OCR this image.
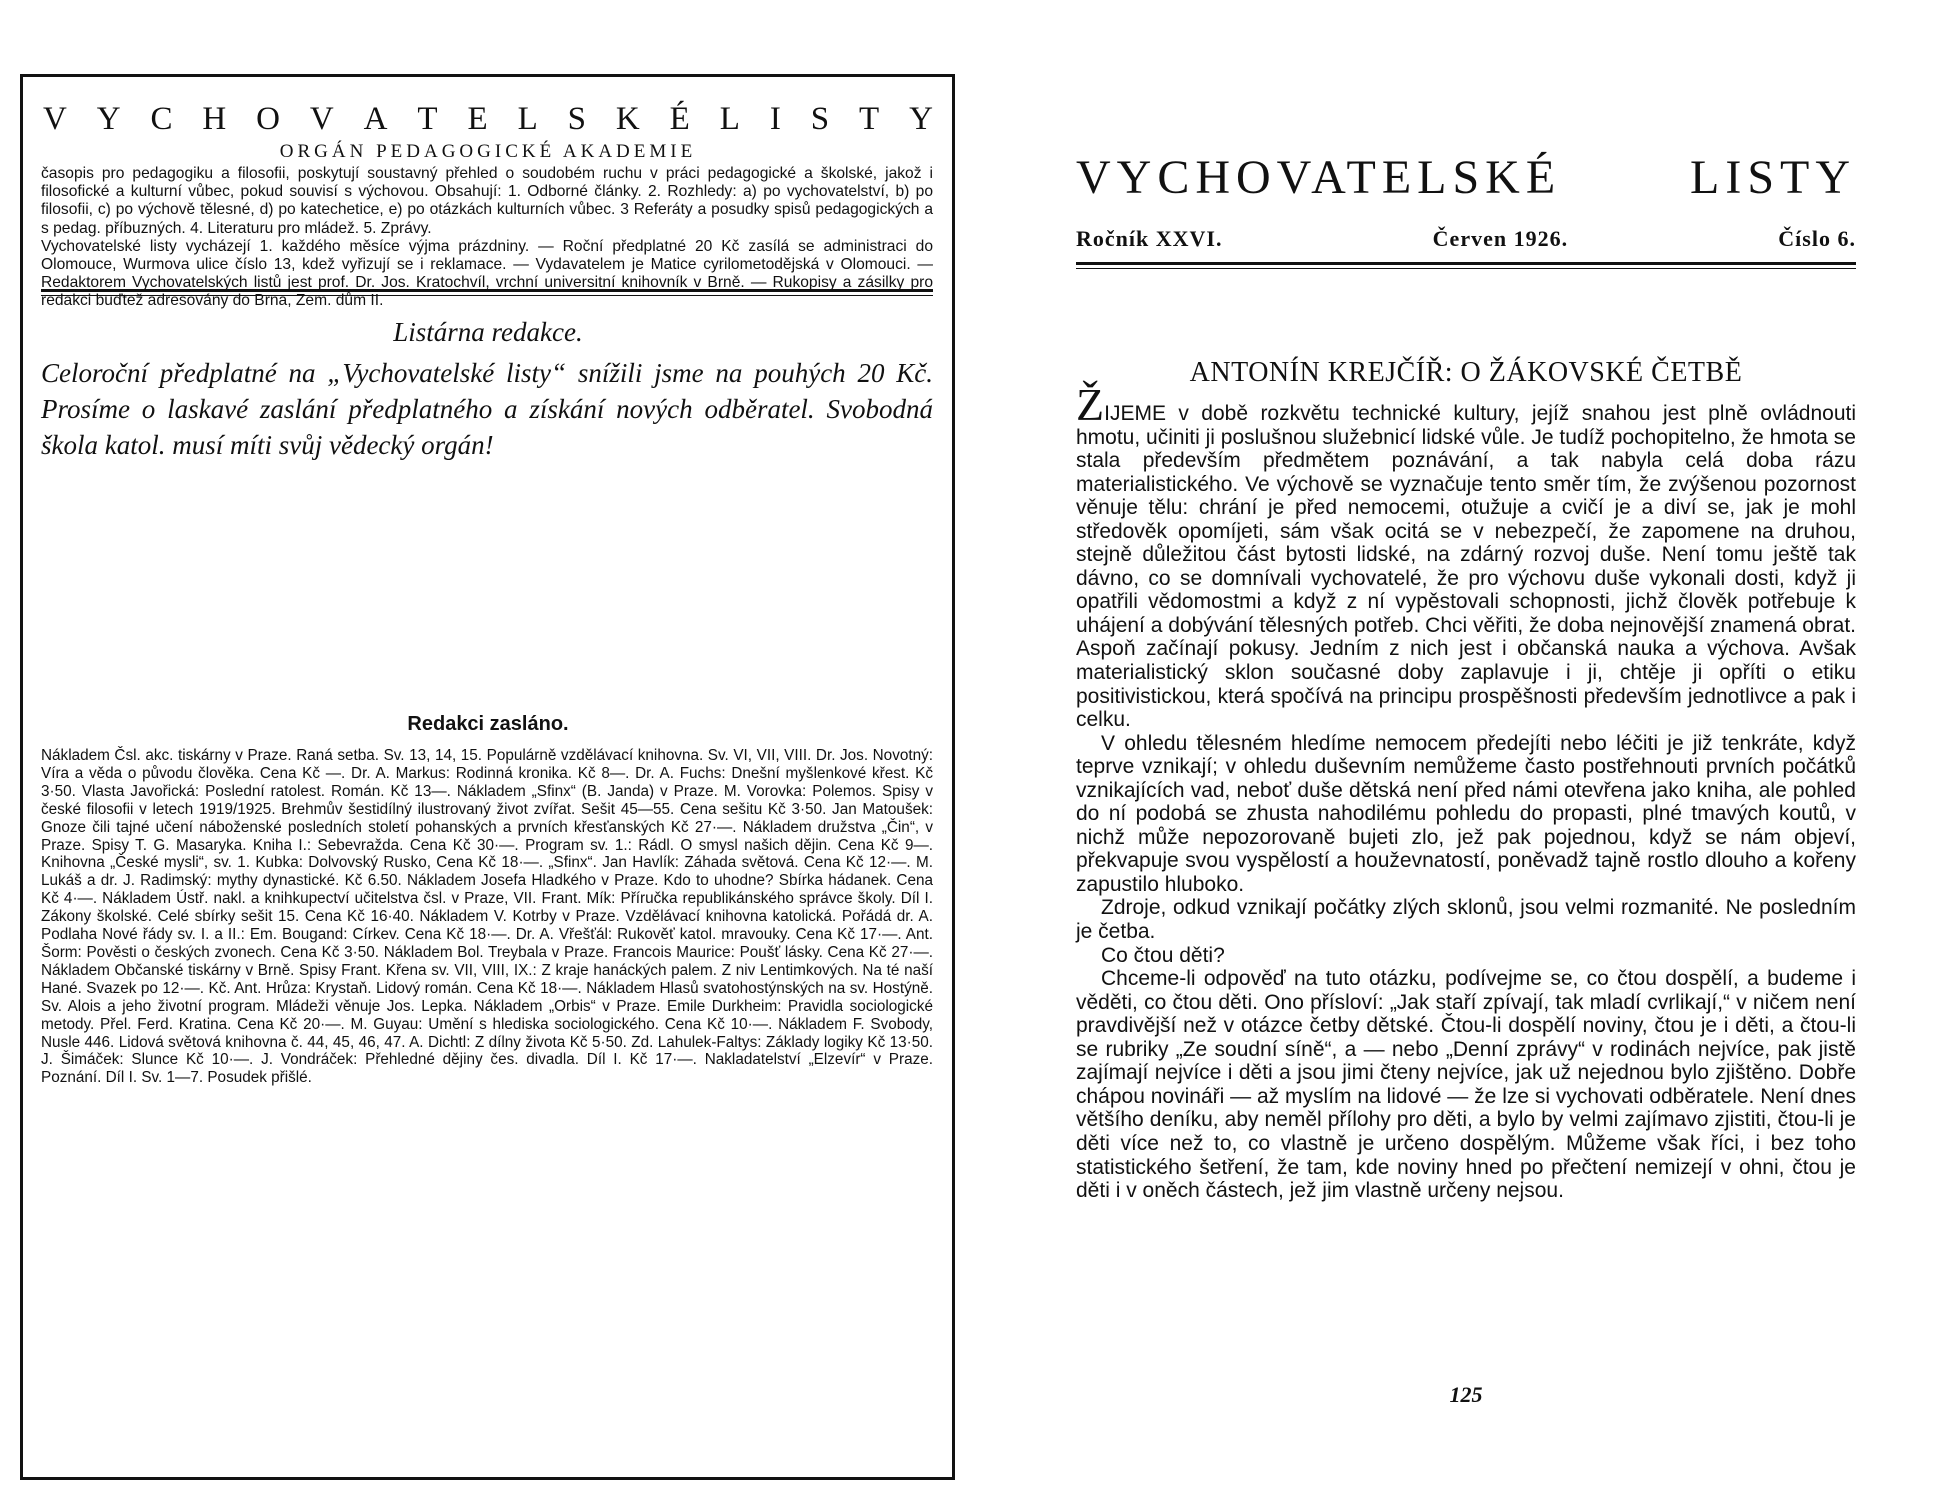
V Y C H O V A T E L S K É L I S T Y
ORGÁN PEDAGOGICKÉ AKADEMIE

časopis pro pedagogiku a filosofii, poskytují soustavný přehled o soudobém ruchu v práci pedagogické a školské, jakož i filosofické a kulturní vůbec, pokud souvisí s výchovou. Obsahují: 1. Odborné články. 2. Rozhledy: a) po vychovatelství, b) po filosofii, c) po výchově tělesné, d) po katechetice, e) po otázkách kulturních vůbec. 3 Referáty a posudky spisů pedagogických a s pedag. příbuzných. 4. Literaturu pro mládež. 5. Zprávy.

Vychovatelské listy vycházejí 1. každého měsíce výjma prázdniny. — Roční předplatné 20 Kč zasílá se administraci do Olomouce, Wurmova ulice číslo 13, kdež vyřizují se i reklamace. — Vydavatelem je Matice cyrilometodějská v Olomouci. — Redaktorem Vychovatelských listů jest prof. Dr. Jos. Kratochvíl, vrchní universitní knihovník v Brně. — Rukopisy a zásilky pro redakci buďtež adresovány do Brna, Zem. dům II.

Listárna redakce.
Celoroční předplatné na „Vychovatelské listy“ snížili jsme na pouhých 20 Kč. Prosíme o laskavé zaslání předplatného a získání nových odběratel. Svobodná škola katol. musí míti svůj vědecký orgán!
Redakci zasláno.
Nákladem Čsl. akc. tiskárny v Praze. Raná setba. Sv. 13, 14, 15. Populárně vzdělávací knihovna. Sv. VI, VII, VIII. Dr. Jos. Novotný: Víra a věda o původu člověka. Cena Kč —. Dr. A. Markus: Rodinná kronika. Kč 8—. Dr. A. Fuchs: Dnešní myšlenkové křest. Kč 3·50. Vlasta Javořická: Poslední ratolest. Román. Kč 13—. Nákladem „Sfinx“ (B. Janda) v Praze. M. Vorovka: Polemos. Spisy v české filosofii v letech 1919/1925. Brehmův šestidílný ilustrovaný život zvířat. Sešit 45—55. Cena sešitu Kč 3·50. Jan Matoušek: Gnoze čili tajné učení náboženské posledních století pohanských a prvních křesťanských Kč 27·—. Nákladem družstva „Čin“, v Praze. Spisy T. G. Masaryka. Kniha I.: Sebevražda. Cena Kč 30·—. Program sv. 1.: Rádl. O smysl našich dějin. Cena Kč 9—. Knihovna „České mysli“, sv. 1. Kubka: Dolvovský Rusko, Cena Kč 18·—. „Sfinx“. Jan Havlík: Záhada světová. Cena Kč 12·—. M. Lukáš a dr. J. Radimský: mythy dynastické. Kč 6.50. Nákladem Josefa Hladkého v Praze. Kdo to uhodne? Sbírka hádanek. Cena Kč 4·—. Nákladem Ústř. nakl. a knihkupectví učitelstva čsl. v Praze, VII. Frant. Mík: Příručka republikánského správce školy. Díl I. Zákony školské. Celé sbírky sešit 15. Cena Kč 16·40. Nákladem V. Kotrby v Praze. Vzdělávací knihovna katolická. Pořádá dr. A. Podlaha Nové řády sv. I. a II.: Em. Bougand: Církev. Cena Kč 18·—. Dr. A. Vřešťál: Rukověť katol. mravouky. Cena Kč 17·—. Ant. Šorm: Pověsti o českých zvonech. Cena Kč 3·50. Nákladem Bol. Treybala v Praze. Francois Maurice: Poušť lásky. Cena Kč 27·—. Nákladem Občanské tiskárny v Brně. Spisy Frant. Křena sv. VII, VIII, IX.: Z kraje hanáckých palem. Z niv Lentimkových. Na té naší Hané. Svazek po 12·—. Kč. Ant. Hrůza: Krystaň. Lidový román. Cena Kč 18·—. Nákladem Hlasů svatohostýnských na sv. Hostýně. Sv. Alois a jeho životní program. Mládeži věnuje Jos. Lepka. Nákladem „Orbis“ v Praze. Emile Durkheim: Pravidla sociologické metody. Přel. Ferd. Kratina. Cena Kč 20·—. M. Guyau: Umění s hlediska sociologického. Cena Kč 10·—. Nákladem F. Svobody, Nusle 446. Lidová světová knihovna č. 44, 45, 46, 47. A. Dichtl: Z dílny života Kč 5·50. Zd. Lahulek-Faltys: Základy logiky Kč 13·50. J. Šimáček: Slunce Kč 10·—. J. Vondráček: Přehledné dějiny čes. divadla. Díl I. Kč 17·—. Nakladatelství „Elzevír“ v Praze. Poznání. Díl I. Sv. 1—7. Posudek přišlé.
VYCHOVATELSKÉ	LISTY
Ročník XXVI.	Červen 1926.	Číslo 6.
ANTONÍN KREJČÍŘ: O ŽÁKOVSKÉ ČETBĚ

ŽIJEME v době rozkvětu technické kultury, jejíž snahou jest plně ovládnouti hmotu, učiniti ji poslušnou služebnicí lidské vůle. Je tudíž pochopitelno, že hmota se stala především předmětem poznávání, a tak nabyla celá doba rázu materialistického. Ve výchově se vyznačuje tento směr tím, že zvýšenou pozornost věnuje tělu: chrání je před nemocemi, otužuje a cvičí je a diví se, jak je mohl středověk opomíjeti, sám však ocitá se v nebezpečí, že zapomene na druhou, stejně důležitou část bytosti lidské, na zdárný rozvoj duše. Není tomu ještě tak dávno, co se domnívali vychovatelé, že pro výchovu duše vykonali dosti, když ji opatřili vědomostmi a když z ní vypěstovali schopnosti, jichž člověk potřebuje k uhájení a dobývání tělesných potřeb. Chci věřiti, že doba nejnovější znamená obrat. Aspoň začínají pokusy. Jedním z nich jest i občanská nauka a výchova. Avšak materialistický sklon současné doby zaplavuje i ji, chtěje ji opříti o etiku positivistickou, která spočívá na principu prospěšnosti především jednotlivce a pak i celku.

V ohledu tělesném hledíme nemocem předejíti nebo léčiti je již tenkráte, když teprve vznikají; v ohledu duševním nemůžeme často postřehnouti prvních počátků vznikajících vad, neboť duše dětská není před námi otevřena jako kniha, ale pohled do ní podobá se zhusta nahodilému pohledu do propasti, plné tmavých koutů, v nichž může nepozorovaně bujeti zlo, jež pak pojednou, když se nám objeví, překvapuje svou vyspělostí a houževnatostí, poněvadž tajně rostlo dlouho a kořeny zapustilo hluboko.

Zdroje, odkud vznikají počátky zlých sklonů, jsou velmi rozmanité. Ne posledním je četba.

Co čtou děti?

Chceme-li odpověď na tuto otázku, podívejme se, co čtou dospělí, a budeme i věděti, co čtou děti. Ono přísloví: „Jak staří zpívají, tak mladí cvrlikají,“ v ničem není pravdivější než v otázce četby dětské. Čtou-li dospělí noviny, čtou je i děti, a čtou-li se rubriky „Ze soudní síně“, a — nebo „Denní zprávy“ v rodinách nejvíce, pak jistě zajímají nejvíce i děti a jsou jimi čteny nejvíce, jak už nejednou bylo zjištěno. Dobře chápou novináři — až myslím na lidové — že lze si vychovati odběratele. Není dnes většího deníku, aby neměl přílohy pro děti, a bylo by velmi zajímavo zjistiti, čtou-li je děti více než to, co vlastně je určeno dospělým. Můžeme však říci, i bez toho statistického šetření, že tam, kde noviny hned po přečtení nemizejí v ohni, čtou je děti i v oněch částech, jež jim vlastně určeny nejsou.

125
